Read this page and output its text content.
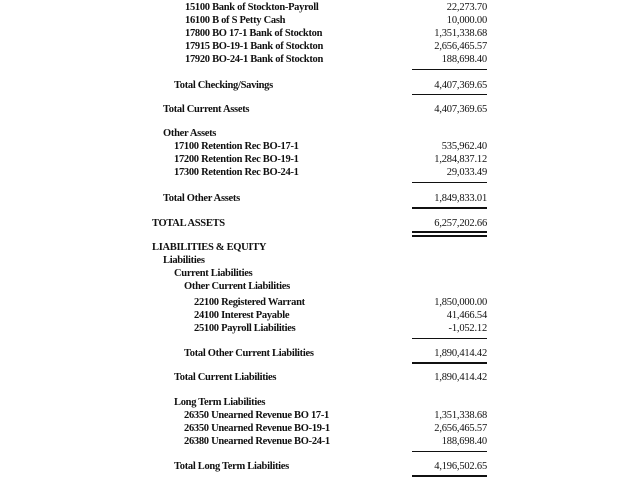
15100 Bank of Stockton-Payroll	22,273.70
16100 B of S Petty Cash	10,000.00
17800 BO 17-1 Bank of Stockton	1,351,338.68
17915 BO-19-1 Bank of Stockton	2,656,465.57
17920 BO-24-1 Bank of Stockton	188,698.40
Total Checking/Savings	4,407,369.65
Total Current Assets	4,407,369.65
Other Assets
17100 Retention Rec BO-17-1	535,962.40
17200 Retention Rec BO-19-1	1,284,837.12
17300 Retention Rec BO-24-1	29,033.49
Total Other Assets	1,849,833.01
TOTAL ASSETS	6,257,202.66
LIABILITIES & EQUITY
Liabilities
Current Liabilities
Other Current Liabilities
22100 Registered Warrant	1,850,000.00
24100 Interest Payable	41,466.54
25100 Payroll Liabilities	-1,052.12
Total Other Current Liabilities	1,890,414.42
Total Current Liabilities	1,890,414.42
Long Term Liabilities
26350 Unearned Revenue BO 17-1	1,351,338.68
26350 Unearned Revenue BO-19-1	2,656,465.57
26380 Unearned Revenue BO-24-1	188,698.40
Total Long Term Liabilities	4,196,502.65
